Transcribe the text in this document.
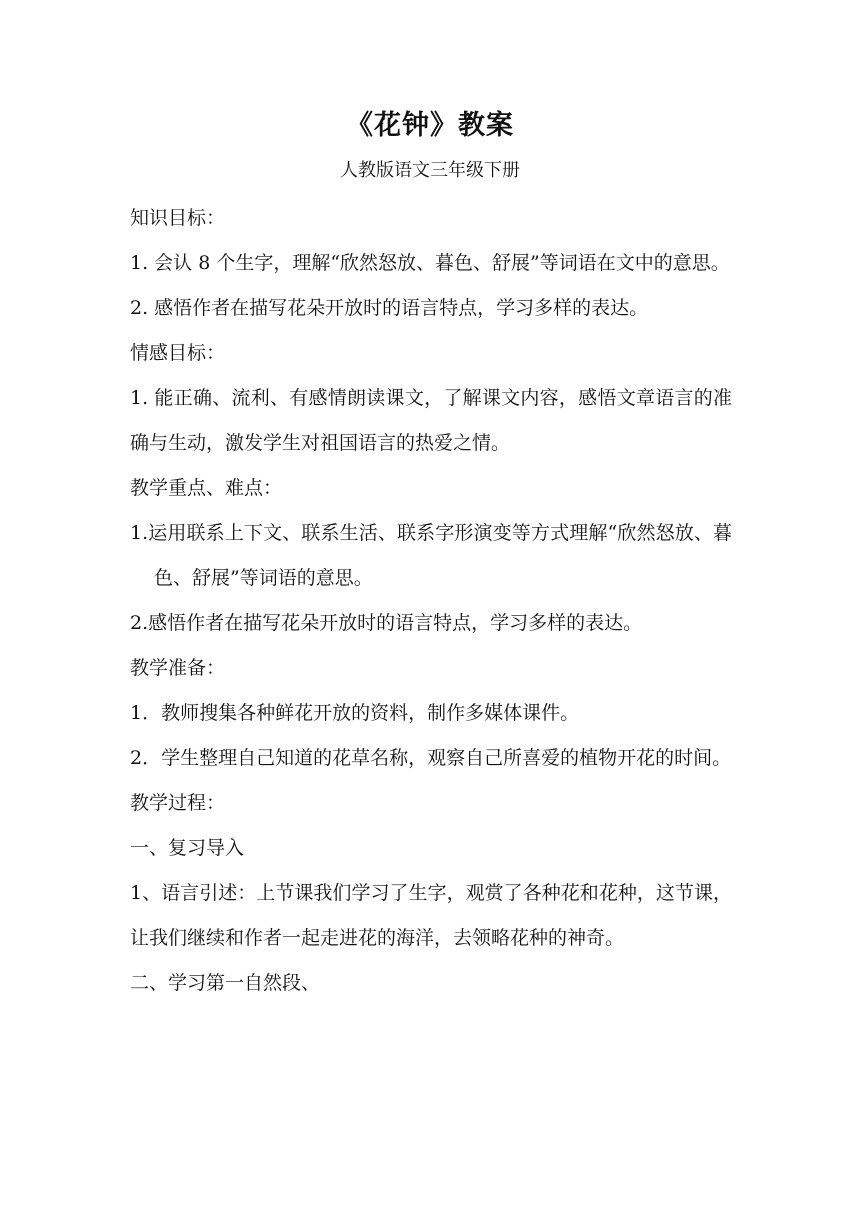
《花钟》教案
人教版语文三年级下册

知识目标：

1. 会认 8 个生字，理解“欣然怒放、暮色、舒展”等词语在文中的意思。

2. 感悟作者在描写花朵开放时的语言特点，学习多样的表达。

情感目标：

1. 能正确、流利、有感情朗读课文，了解课文内容，感悟文章语言的准确与生动，激发学生对祖国语言的热爱之情。

教学重点、难点：

1.运用联系上下文、联系生活、联系字形演变等方式理解“欣然怒放、暮色、舒展”等词语的意思。

2.感悟作者在描写花朵开放时的语言特点，学习多样的表达。

教学准备：

1．教师搜集各种鲜花开放的资料，制作多媒体课件。

2．学生整理自己知道的花草名称，观察自己所喜爱的植物开花的时间。

教学过程：

一、复习导入

1、语言引述：上节课我们学习了生字，观赏了各种花和花种，这节课，让我们继续和作者一起走进花的海洋，去领略花种的神奇。

二、学习第一自然段、
